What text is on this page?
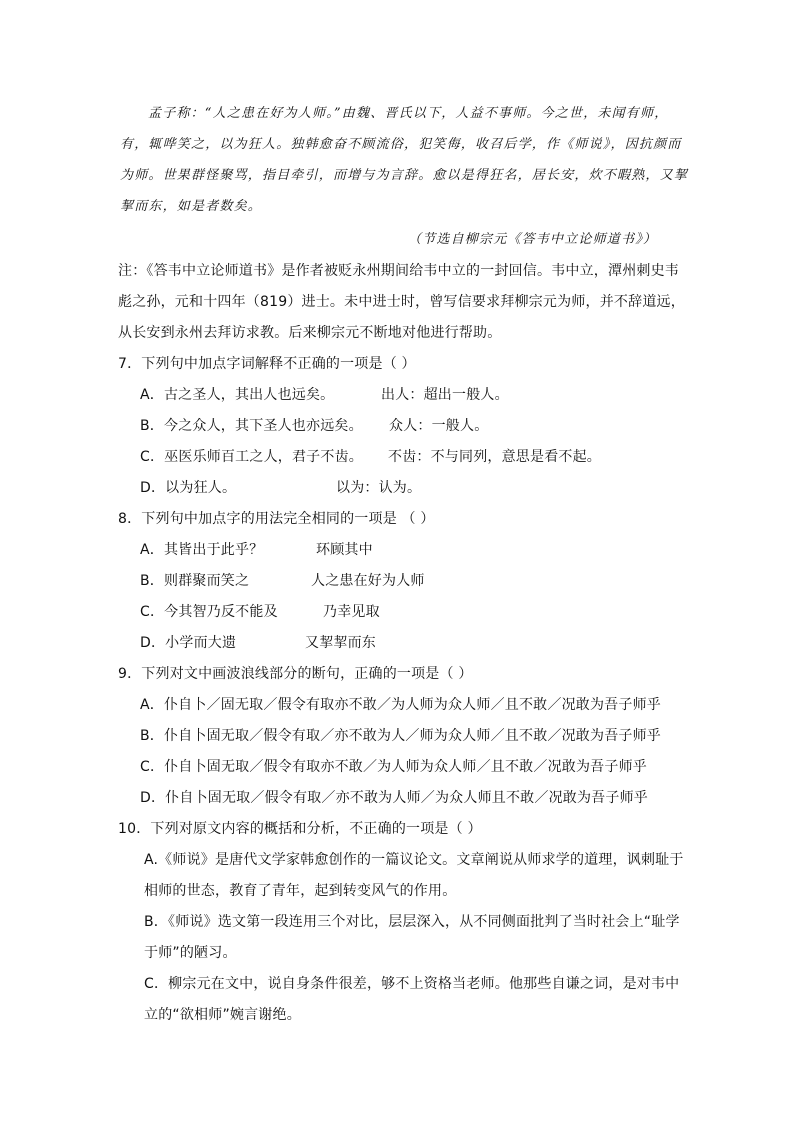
孟子称：“人之患在好为人师。”由魏、晋氏以下，人益不事师。今之世，未闻有师，
有，辄哗笑之，以为狂人。独韩愈奋不顾流俗，犯笑侮，收召后学，作《师说》，因抗颜而
为师。世果群怪聚骂，指目牵引，而增与为言辞。愈以是得狂名，居长安，炊不暇熟，又挈
挈而东，如是者数矣。
（节选自柳宗元《答韦中立论师道书》）
注：《答韦中立论师道书》是作者被贬永州期间给韦中立的一封回信。韦中立，潭州刺史韦
彪之孙，元和十四年（819）进士。未中进士时，曾写信要求拜柳宗元为师，并不辞道远，
从长安到永州去拜访求教。后来柳宗元不断地对他进行帮助。
7．下列句中加点字词解释不正确的一项是（ ）
A．古之圣人，其出人也远矣。	出人：超出一般人。
B．今之众人，其下圣人也亦远矣。 众人：一般人。
C．巫医乐师百工之人，君子不齿。 不齿：不与同列，意思是看不起。
D．以为狂人。	以为：认为。
8．下列句中加点字的用法完全相同的一项是 （ ）
A．其皆出于此乎？	环顾其中
B．则群聚而笑之	人之患在好为人师
C．今其智乃反不能及	乃幸见取
D．小学而大遗	又挈挈而东
9．下列对文中画波浪线部分的断句，正确的一项是（ ）
A．仆自卜／固无取／假令有取亦不敢／为人师为众人师／且不敢／况敢为吾子师乎
B．仆自卜固无取／假令有取／亦不敢为人／师为众人师／且不敢／况敢为吾子师乎
C．仆自卜固无取／假令有取亦不敢／为人师为众人师／且不敢／况敢为吾子师乎
D．仆自卜固无取／假令有取／亦不敢为人师／为众人师且不敢／况敢为吾子师乎
10．下列对原文内容的概括和分析，不正确的一项是（ ）
A.《师说》是唐代文学家韩愈创作的一篇议论文。文章阐说从师求学的道理，讽刺耻于
相师的世态，教育了青年，起到转变风气的作用。
B．《师说》选文第一段连用三个对比，层层深入，从不同侧面批判了当时社会上“耻学
于师”的陋习。
C．柳宗元在文中，说自身条件很差，够不上资格当老师。他那些自谦之词，是对韦中
立的“欲相师”婉言谢绝。
